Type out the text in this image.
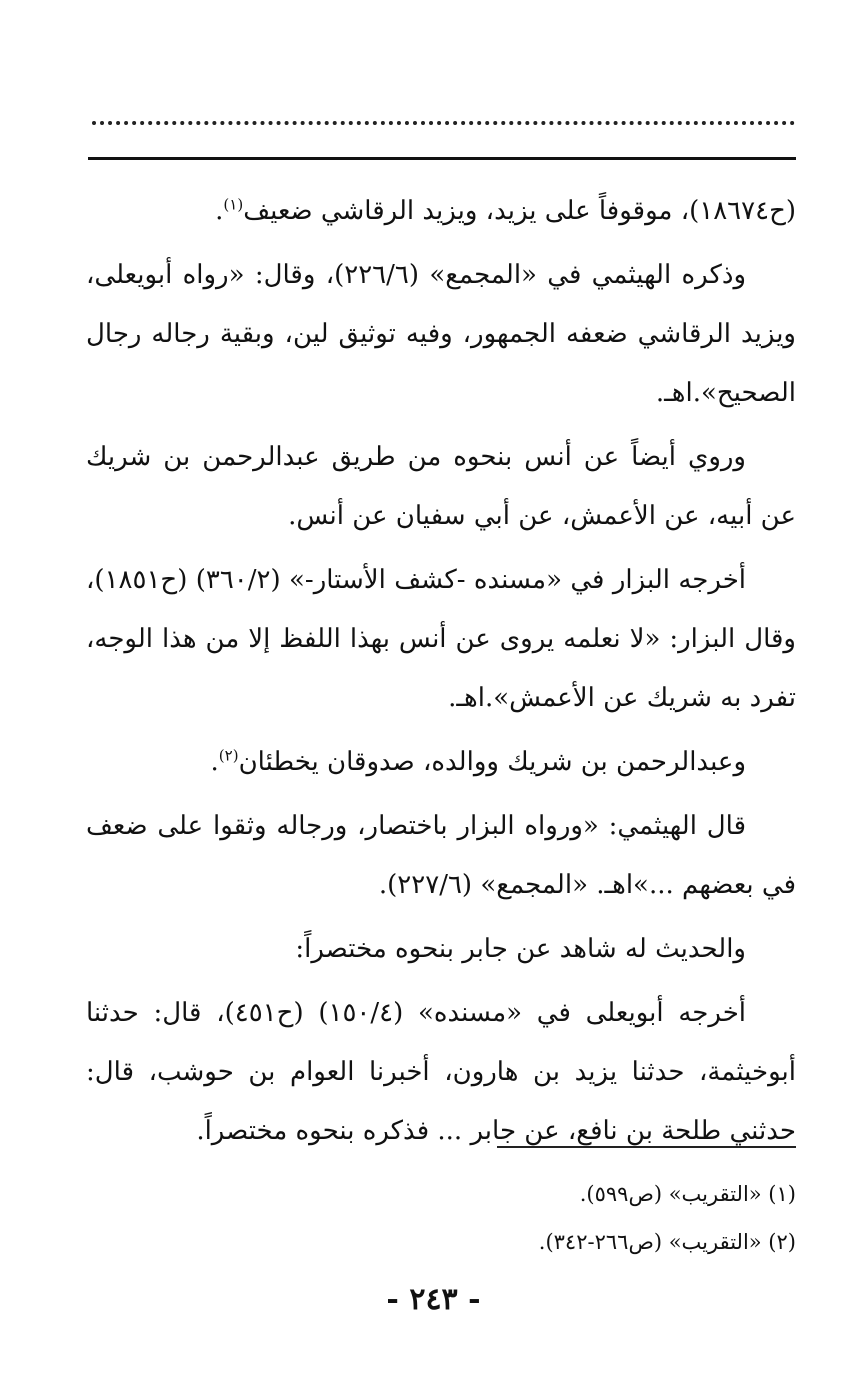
(ح١٨٦٧٤)، موقوفاً على يزيد، ويزيد الرقاشي ضعيف$^{(١)}$.

وذكره الهيثمي في «المجمع» (٢٢٦/٦)، وقال: «رواه أبويعلى، ويزيد الرقاشي ضعفه الجمهور، وفيه توثيق لين، وبقية رجاله رجال الصحيح».اهـ.

وروي أيضاً عن أنس بنحوه من طريق عبدالرحمن بن شريك عن أبيه، عن الأعمش، عن أبي سفيان عن أنس.

أخرجه البزار في «مسنده -كشف الأستار-» (٣٦٠/٢) (ح١٨٥١)، وقال البزار: «لا نعلمه يروى عن أنس بهذا اللفظ إلا من هذا الوجه، تفرد به شريك عن الأعمش».اهـ.

وعبدالرحمن بن شريك ووالده، صدوقان يخطئان$^{(٢)}$.

قال الهيثمي: «ورواه البزار باختصار، ورجاله وثقوا على ضعف في بعضهم ...»اهـ. «المجمع» (٢٢٧/٦).

والحديث له شاهد عن جابر بنحوه مختصراً:

أخرجه أبويعلى في «مسنده» (١٥٠/٤) (ح٤٥١)، قال: حدثنا أبوخيثمة، حدثنا يزيد بن هارون، أخبرنا العوام بن حوشب، قال: حدثني طلحة بن نافع، عن جابر ... فذكره بنحوه مختصراً.

(١) «التقريب» (ص٥٩٩).

(٢) «التقريب» (ص٢٦٦-٣٤٢).

- ٢٤٣ -
